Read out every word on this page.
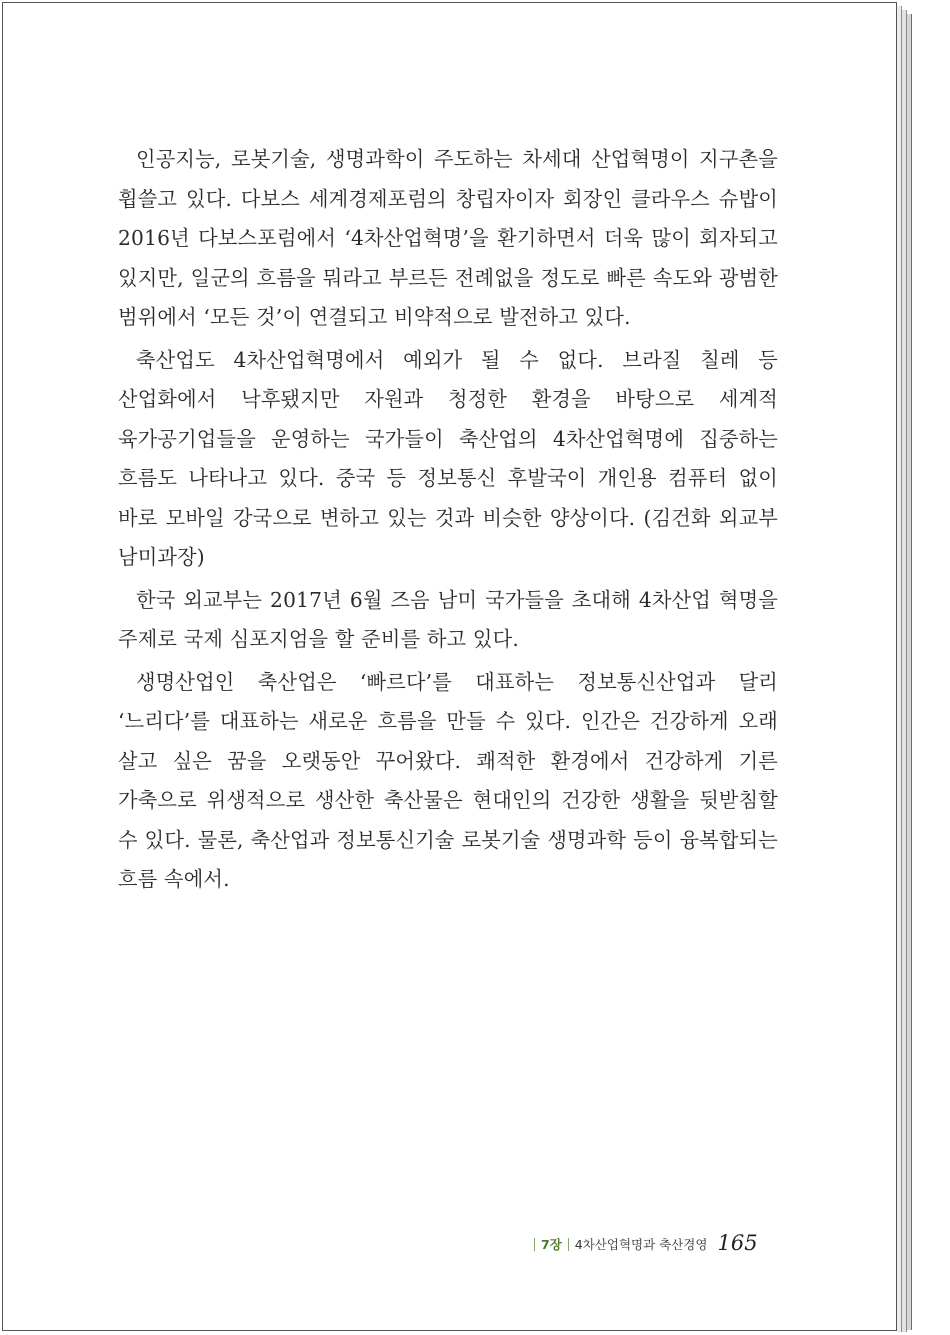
인공지능, 로봇기술, 생명과학이 주도하는 차세대 산업혁명이 지구촌을 휩쓸고 있다. 다보스 세계경제포럼의 창립자이자 회장인 클라우스 슈밥이 2016년 다보스포럼에서 ‘4차산업혁명’을 환기하면서 더욱 많이 회자되고 있지만, 일군의 흐름을 뭐라고 부르든 전례없을 정도로 빠른 속도와 광범한 범위에서 ‘모든 것’이 연결되고 비약적으로 발전하고 있다.

축산업도 4차산업혁명에서 예외가 될 수 없다. 브라질 칠레 등 산업화에서 낙후됐지만 자원과 청정한 환경을 바탕으로 세계적 육가공기업들을 운영하는 국가들이 축산업의 4차산업혁명에 집중하는 흐름도 나타나고 있다. 중국 등 정보통신 후발국이 개인용 컴퓨터 없이 바로 모바일 강국으로 변하고 있는 것과 비슷한 양상이다. (김건화 외교부 남미과장)

한국 외교부는 2017년 6월 즈음 남미 국가들을 초대해 4차산업 혁명을 주제로 국제 심포지엄을 할 준비를 하고 있다.

생명산업인 축산업은 ‘빠르다’를 대표하는 정보통신산업과 달리 ‘느리다’를 대표하는 새로운 흐름을 만들 수 있다. 인간은 건강하게 오래 살고 싶은 꿈을 오랫동안 꾸어왔다. 쾌적한 환경에서 건강하게 기른 가축으로 위생적으로 생산한 축산물은 현대인의 건강한 생활을 뒷받침할 수 있다. 물론, 축산업과 정보통신기술 로봇기술 생명과학 등이 융복합되는 흐름 속에서.

7장 4차산업혁명과 축산경영 165
